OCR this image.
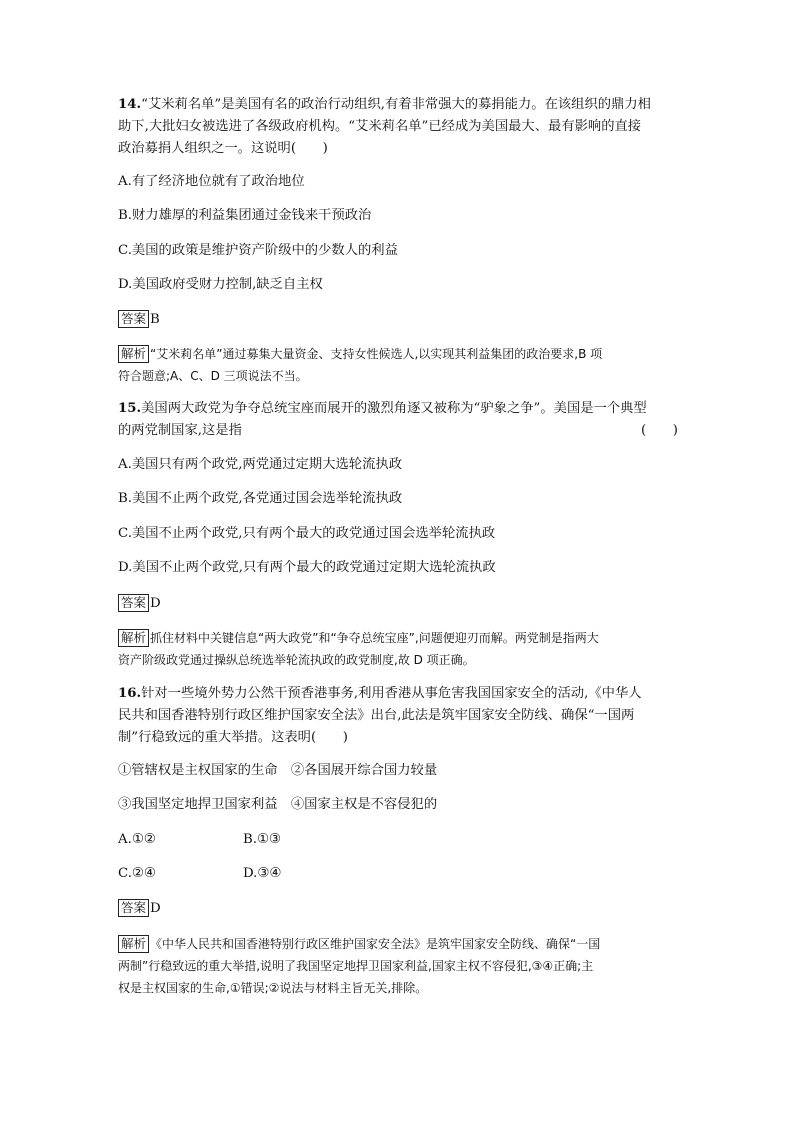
14.“艾米莉名单”是美国有名的政治行动组织,有着非常强大的募捐能力。在该组织的鼎力相
助下,大批妇女被选进了各级政府机构。“艾米莉名单”已经成为美国最大、最有影响的直接
政治募捐人组织之一。这说明(　　)
A.有了经济地位就有了政治地位
B.财力雄厚的利益集团通过金钱来干预政治
C.美国的政策是维护资产阶级中的少数人的利益
D.美国政府受财力控制,缺乏自主权
答案 B
解析 “艾米莉名单”通过募集大量资金、支持女性候选人,以实现其利益集团的政治要求,B 项
符合题意;A、C、D 三项说法不当。
15.美国两大政党为争夺总统宝座而展开的激烈角逐又被称为“驴象之争”。美国是一个典型
的两党制国家,这是指	(　　)
A.美国只有两个政党,两党通过定期大选轮流执政
B.美国不止两个政党,各党通过国会选举轮流执政
C.美国不止两个政党,只有两个最大的政党通过国会选举轮流执政
D.美国不止两个政党,只有两个最大的政党通过定期大选轮流执政
答案 D
解析 抓住材料中关键信息“两大政党”和“争夺总统宝座”,问题便迎刃而解。两党制是指两大
资产阶级政党通过操纵总统选举轮流执政的政党制度,故 D 项正确。
16.针对一些境外势力公然干预香港事务,利用香港从事危害我国国家安全的活动,《中华人
民共和国香港特别行政区维护国家安全法》出台,此法是筑牢国家安全防线、确保“一国两
制”行稳致远的重大举措。这表明(　　)
①管辖权是主权国家的生命　②各国展开综合国力较量
③我国坚定地捍卫国家利益　④国家主权是不容侵犯的
A.①②	B.①③
C.②④	D.③④
答案 D
解析 《中华人民共和国香港特别行政区维护国家安全法》是筑牢国家安全防线、确保“一国
两制”行稳致远的重大举措,说明了我国坚定地捍卫国家利益,国家主权不容侵犯,③④正确;主
权是主权国家的生命,①错误;②说法与材料主旨无关,排除。
